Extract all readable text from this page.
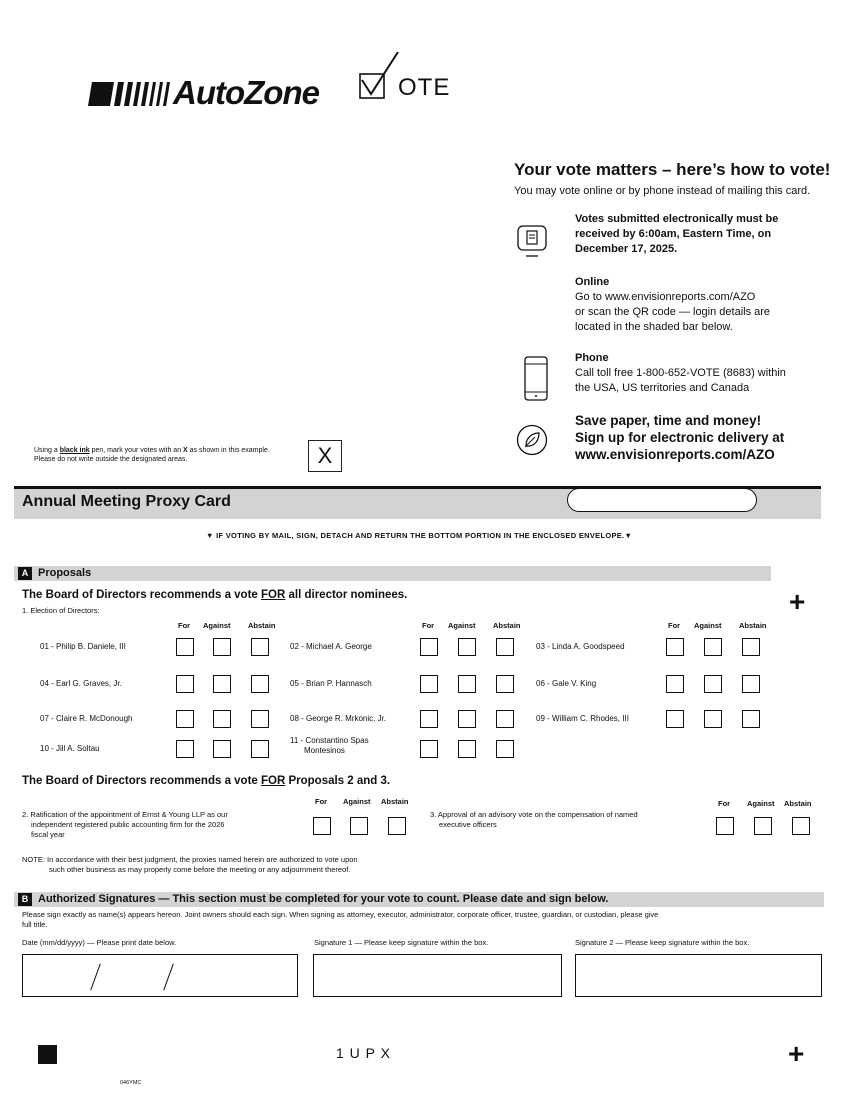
AutoZone	OTE
Your vote matters – here’s how to vote!
You may vote online or by phone instead of mailing this card.
Votes submitted electronically must be
received by 6:00am, Eastern Time, on
December 17, 2025.
Online
Go to www.envisionreports.com/AZO
or scan the QR code — login details are
located in the shaded bar below.
Phone
Call toll free 1-800-652-VOTE (8683) within
the USA, US territories and Canada
Save paper, time and money!
Sign up for electronic delivery at
www.envisionreports.com/AZO
Using a black ink pen, mark your votes with an X as shown in this example.
Please do not write outside the designated areas.	X
Annual Meeting Proxy Card
▼ IF VOTING BY MAIL, SIGN, DETACH AND RETURN THE BOTTOM PORTION IN THE ENCLOSED ENVELOPE.▼
A Proposals
The Board of Directors recommends a vote FOR all director nominees.	+
1. Election of Directors:
For Against Abstain	For Against Abstain	For Against Abstain
01 - Philip B. Daniele, III	02 - Michael A. George	03 - Linda A. Goodspeed
04 - Earl G. Graves, Jr.	05 - Brian P. Hannasch	06 - Gale V. King
07 - Claire R. McDonough	08 - George R. Mrkonic, Jr.	09 - William C. Rhodes, III
10 - Jill A. Soltau
11 - Constantino Spas
Montesinos
The Board of Directors recommends a vote FOR Proposals 2 and 3.
2. Ratification of the appointment of Ernst & Young LLP as our
independent registered public accounting firm for the 2026
fiscal year
For Against Abstain
3. Approval of an advisory vote on the compensation of named
executive officers
For Against Abstain
NOTE: In accordance with their best judgment, the proxies named herein are authorized to vote upon
such other business as may properly come before the meeting or any adjournment thereof.
B Authorized Signatures — This section must be completed for your vote to count. Please date and sign below.
Please sign exactly as name(s) appears hereon. Joint owners should each sign. When signing as attorney, executor, administrator, corporate officer, trustee, guardian, or custodian, please give
full title.
Date (mm/dd/yyyy) — Please print date below.	Signature 1 — Please keep signature within the box.	Signature 2 — Please keep signature within the box.
1 U P X	+
046YMC
